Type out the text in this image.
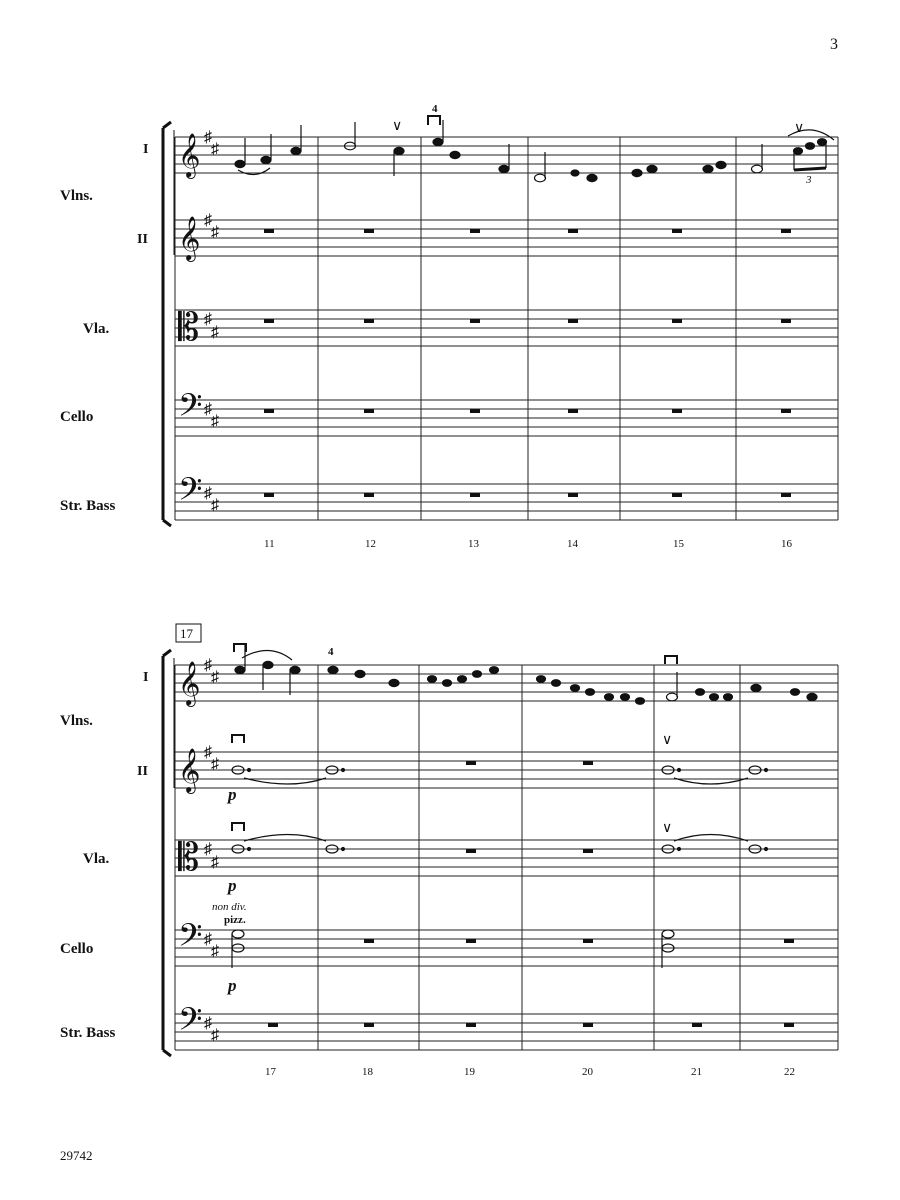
3
29742
𝄞
𝄞
𝄡
𝄢
𝄢
♯
♯
♯
♯
♯
♯
♯
♯
♯
♯
3
4
∨	∨
I
Vlns.
II
Vla.
Cello
Str. Bass
11	12	13	14	15	16
17
𝄞
𝄞
𝄡
𝄢
𝄢
♯
♯
♯
♯
♯
♯
♯
♯
♯
♯
4
∨
∨
p
p
p
non div.
pizz.
I
Vlns.
II
Vla.
Cello
Str. Bass
17	18	19	20	21	22
